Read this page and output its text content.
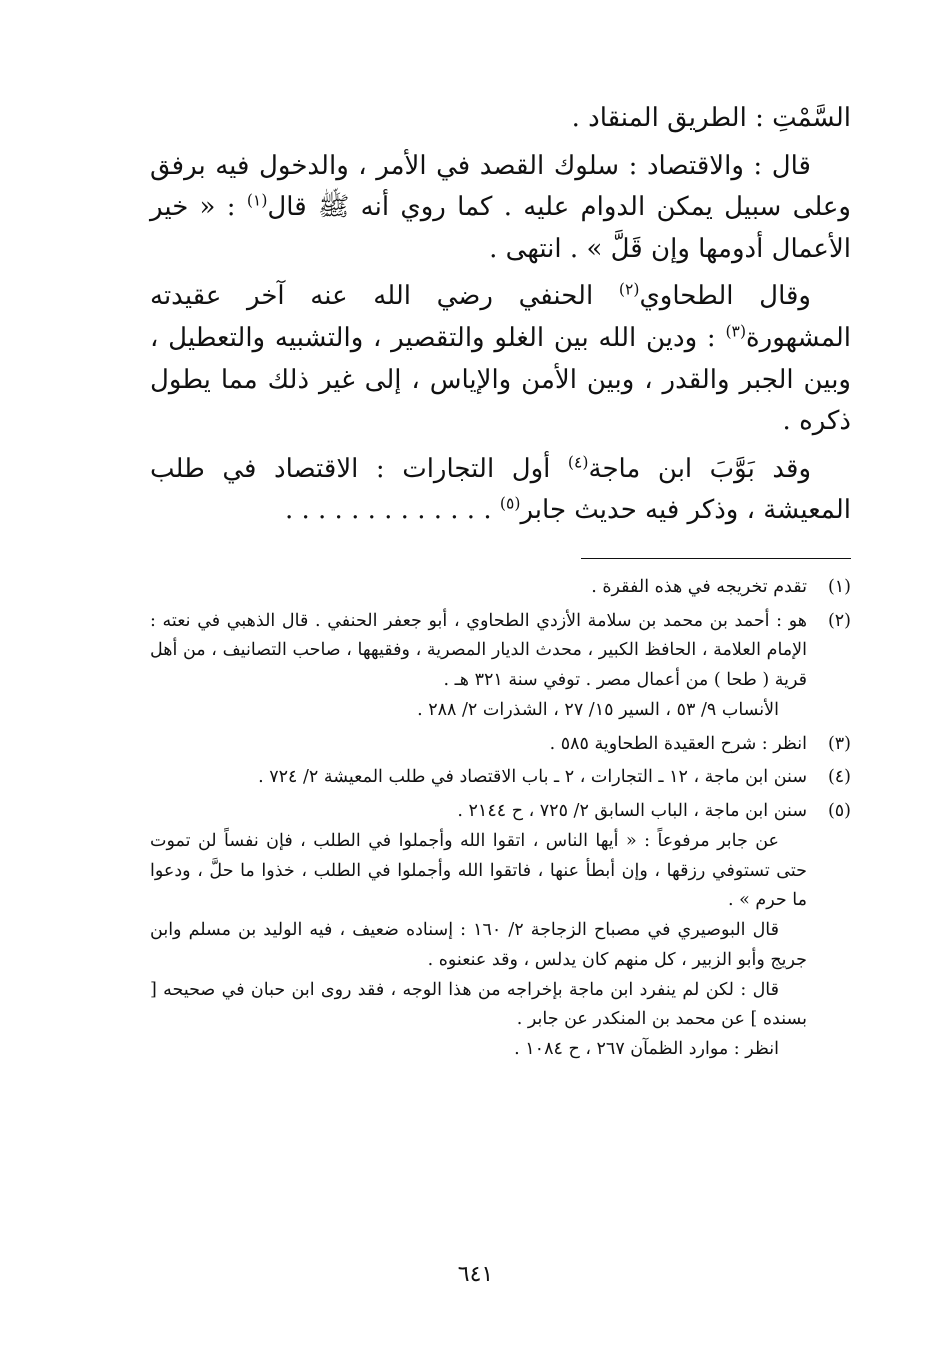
السَّمْتِ : الطريق المنقاد .

قال : والاقتصاد : سلوك القصد في الأمر ، والدخول فيه برفق وعلى سبيل يمكن الدوام عليه . كما روي أنه ﷺ قال$^{(١)}$ : « خير الأعمال أدومها وإن قَلَّ » . انتهى .

وقال الطحاوي$^{(٢)}$ الحنفي رضي الله عنه آخر عقيدته المشهورة$^{(٣)}$ : ودين الله بين الغلو والتقصير ، والتشبيه والتعطيل ، وبين الجبر والقدر ، وبين الأمن والإياس ، إلى غير ذلك مما يطول ذكره .

وقد بَوَّبَ ابن ماجة$^{(٤)}$ أول التجارات : الاقتصاد في طلب المعيشة ، وذكر فيه حديث جابر$^{(٥)}$ . . . . . . . . . . . . .

(١)

تقدم تخريجه في هذه الفقرة .

(٢)

هو : أحمد بن محمد بن سلامة الأزدي الطحاوي ، أبو جعفر الحنفي . قال الذهبي في نعته : الإمام العلامة ، الحافظ الكبير ، محدث الديار المصرية ، وفقيهها ، صاحب التصانيف ، من أهل قرية ( طحا ) من أعمال مصر . توفي سنة ٣٢١ هـ .

الأنساب ٩/ ٥٣ ، السير ١٥/ ٢٧ ، الشذرات ٢/ ٢٨٨ .

(٣)

انظر : شرح العقيدة الطحاوية ٥٨٥ .

(٤)

سنن ابن ماجة ، ١٢ ـ التجارات ، ٢ ـ باب الاقتصاد في طلب المعيشة ٢/ ٧٢٤ .

(٥)

سنن ابن ماجة ، الباب السابق ٢/ ٧٢٥ ، ح ٢١٤٤ .

عن جابر مرفوعاً : « أيها الناس ، اتقوا الله وأجملوا في الطلب ، فإن نفساً لن تموت حتى تستوفي رزقها ، وإن أبطأ عنها ، فاتقوا الله وأجملوا في الطلب ، خذوا ما حلَّ ، ودعوا ما حرم » .

قال البوصيري في مصباح الزجاجة ٢/ ١٦٠ : إسناده ضعيف ، فيه الوليد بن مسلم وابن جريج وأبو الزبير ، كل منهم كان يدلس ، وقد عنعنوه .

قال : لكن لم ينفرد ابن ماجة بإخراجه من هذا الوجه ، فقد روى ابن حبان في صحيحه [ بسنده ] عن محمد بن المنكدر عن جابر .

انظر : موارد الظمآن ٢٦٧ ، ح ١٠٨٤ .

٦٤١
